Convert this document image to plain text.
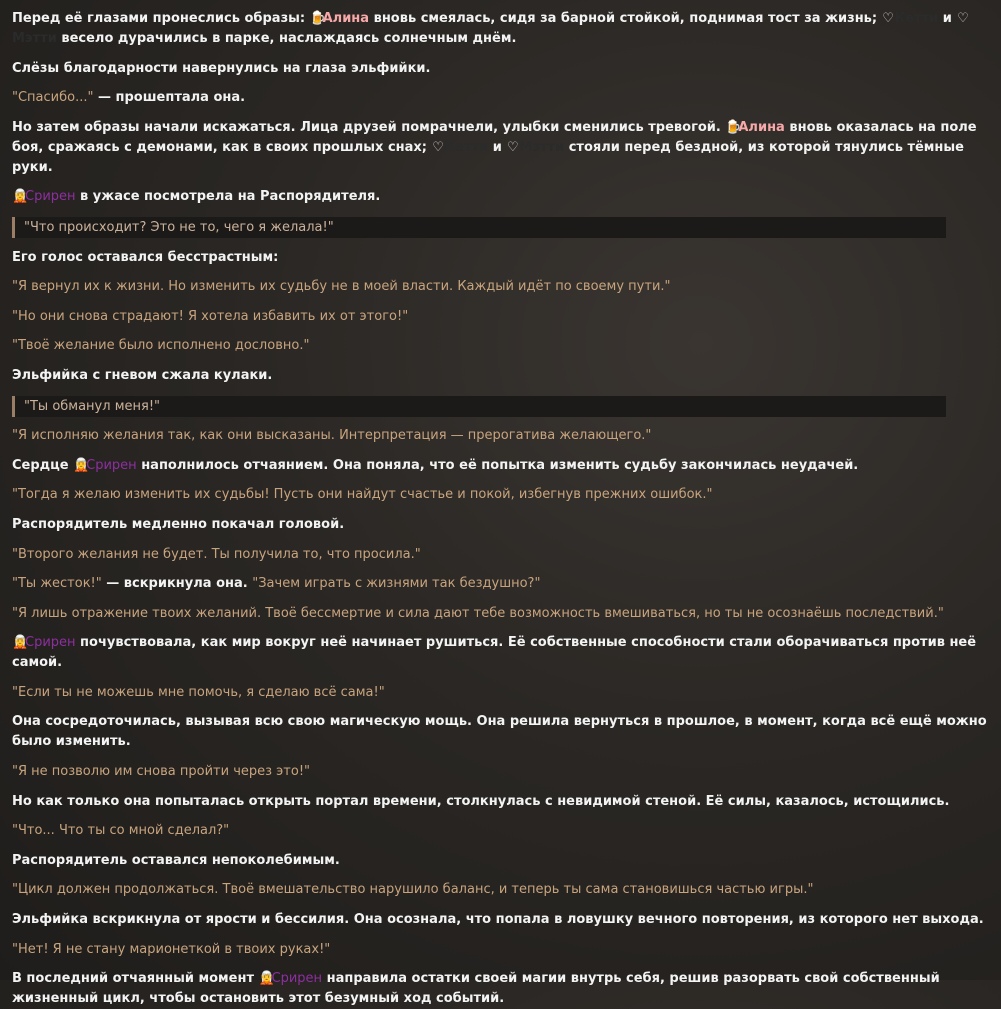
Перед её глазами пронеслись образы: 🍺Алина вновь смеялась, сидя за барной стойкой, поднимая тост за жизнь; ♡Кетти и ♡Мэтти весело дурачились в парке, наслаждаясь солнечным днём.

Слёзы благодарности навернулись на глаза эльфийки.

"Спасибо..." — прошептала она.

Но затем образы начали искажаться. Лица друзей помрачнели, улыбки сменились тревогой. 🍺Алина вновь оказалась на поле боя, сражаясь с демонами, как в своих прошлых снах; ♡Кетти и ♡Мэтти стояли перед бездной, из которой тянулись тёмные руки.

🧝Срирен в ужасе посмотрела на Распорядителя.

"Что происходит? Это не то, чего я желала!"

Его голос оставался бесстрастным:

"Я вернул их к жизни. Но изменить их судьбу не в моей власти. Каждый идёт по своему пути."

"Но они снова страдают! Я хотела избавить их от этого!"

"Твоё желание было исполнено дословно."

Эльфийка с гневом сжала кулаки.

"Ты обманул меня!"

"Я исполняю желания так, как они высказаны. Интерпретация — прерогатива желающего."

Сердце 🧝Срирен наполнилось отчаянием. Она поняла, что её попытка изменить судьбу закончилась неудачей.

"Тогда я желаю изменить их судьбы! Пусть они найдут счастье и покой, избегнув прежних ошибок."

Распорядитель медленно покачал головой.

"Второго желания не будет. Ты получила то, что просила."

"Ты жесток!" — вскрикнула она. "Зачем играть с жизнями так бездушно?"

"Я лишь отражение твоих желаний. Твоё бессмертие и сила дают тебе возможность вмешиваться, но ты не осознаёшь последствий."

🧝Срирен почувствовала, как мир вокруг неё начинает рушиться. Её собственные способности стали оборачиваться против неё самой.

"Если ты не можешь мне помочь, я сделаю всё сама!"

Она сосредоточилась, вызывая всю свою магическую мощь. Она решила вернуться в прошлое, в момент, когда всё ещё можно было изменить.

"Я не позволю им снова пройти через это!"

Но как только она попыталась открыть портал времени, столкнулась с невидимой стеной. Её силы, казалось, истощились.

"Что... Что ты со мной сделал?"

Распорядитель оставался непоколебимым.

"Цикл должен продолжаться. Твоё вмешательство нарушило баланс, и теперь ты сама становишься частью игры."

Эльфийка вскрикнула от ярости и бессилия. Она осознала, что попала в ловушку вечного повторения, из которого нет выхода.

"Нет! Я не стану марионеткой в твоих руках!"

В последний отчаянный момент 🧝Срирен направила остатки своей магии внутрь себя, решив разорвать свой собственный жизненный цикл, чтобы остановить этот безумный ход событий.
